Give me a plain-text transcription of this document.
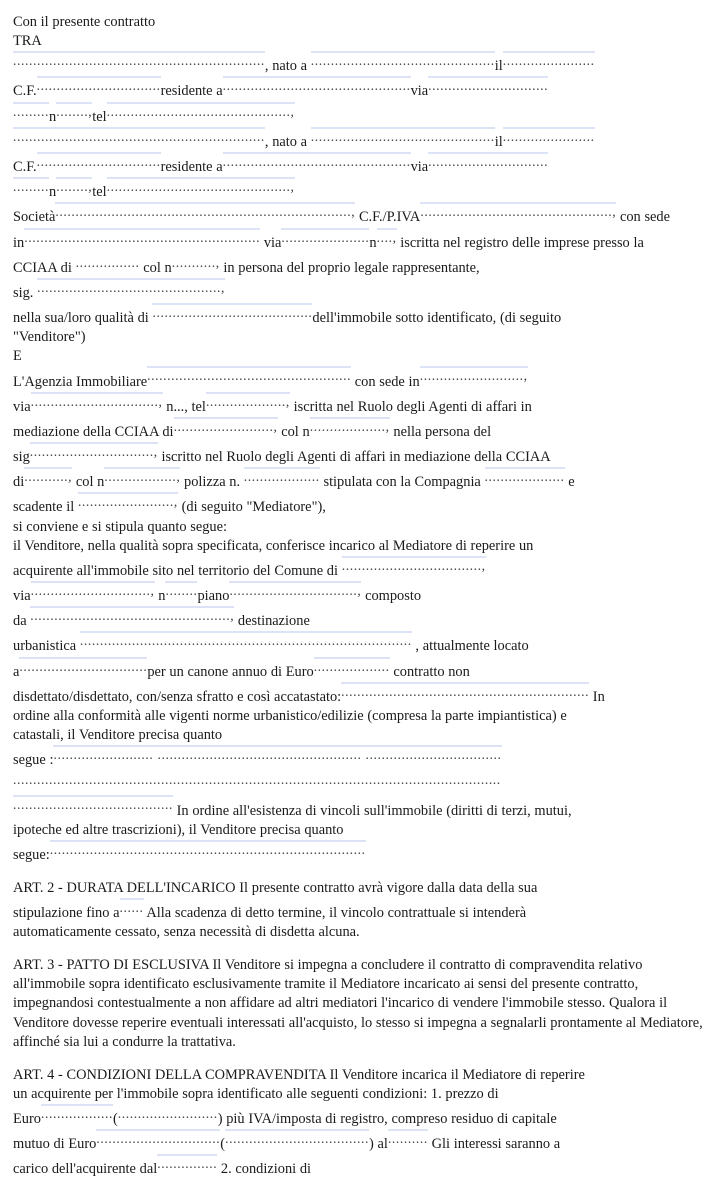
Con il presente contratto

TRA

..............................................................., nato a ..............................................il.......................

C.F................................residente a...............................................via..............................

.........n........,tel..............................................,

..............................................................., nato a ..............................................il.......................

C.F................................residente a...............................................via..............................

.........n........,tel..............................................,

Società.........................................................................., C.F./P.IVA................................................, con sede

in........................................................... via......................n...., iscritta nel registro delle imprese presso la

CCIAA di ................ col n..........., in persona del proprio legale rappresentante,

sig. ..............................................,

nella sua/loro qualità di ........................................dell'immobile sotto identificato, (di seguito

"Venditore")

E

L'Agenzia Immobiliare................................................... con sede in..........................,

via................................, n..., tel...................., iscritta nel Ruolo degli Agenti di affari in

mediazione della CCIAA di........................., col n..................., nella persona del

sig..............................., iscritto nel Ruolo degli Agenti di affari in mediazione della CCIAA

di..........., col n.................., polizza n. ................... stipulata con la Compagnia .................... e

scadente il ........................, (di seguito "Mediatore"),

si conviene e si stipula quanto segue:

il Venditore, nella qualità sopra specificata, conferisce incarico al Mediatore di reperire un

acquirente all'immobile sito nel territorio del Comune di ...................................,

via.............................., n........piano................................, composto

da .................................................., destinazione

urbanistica ................................................................................... , attualmente locato

a................................per un canone annuo di Euro................... contratto non

disdettato/disdettato, con/senza sfratto e così accatastato:.............................................................. In

ordine alla conformità alle vigenti norme urbanistico/edilizie (compresa la parte impiantistica) e

catastali, il Venditore precisa quanto

segue :......................... ................................................... ..................................

..........................................................................................................................

........................................ In ordine all'esistenza di vincoli sull'immobile (diritti di terzi, mutui,

ipoteche ed altre trascrizioni), il Venditore precisa quanto

segue:...............................................................................

ART. 2 - DURATA DELL'INCARICO Il presente contratto avrà vigore dalla data della sua

stipulazione fino a...... Alla scadenza di detto termine, il vincolo contrattuale si intenderà

automaticamente cessato, senza necessità di disdetta alcuna.

ART. 3 - PATTO DI ESCLUSIVA Il Venditore si impegna a concludere il contratto di compravendita relativo all'immobile sopra identificato esclusivamente tramite il Mediatore incaricato ai sensi del presente contratto, impegnandosi contestualmente a non affidare ad altri mediatori l'incarico di vendere l'immobile stesso. Qualora il Venditore dovesse reperire eventuali interessati all'acquisto, lo stesso si impegna a segnalarli prontamente al Mediatore, affinché sia lui a condurre la trattativa.

ART. 4 - CONDIZIONI DELLA COMPRAVENDITA Il Venditore incarica il Mediatore di reperire

un acquirente per l'immobile sopra identificato alle seguenti condizioni: 1. prezzo di

Euro..................(.........................) più IVA/imposta di registro, compreso residuo di capitale

mutuo di Euro...............................(....................................) al.......... Gli interessi saranno a

carico dell'acquirente dal............... 2. condizioni di
